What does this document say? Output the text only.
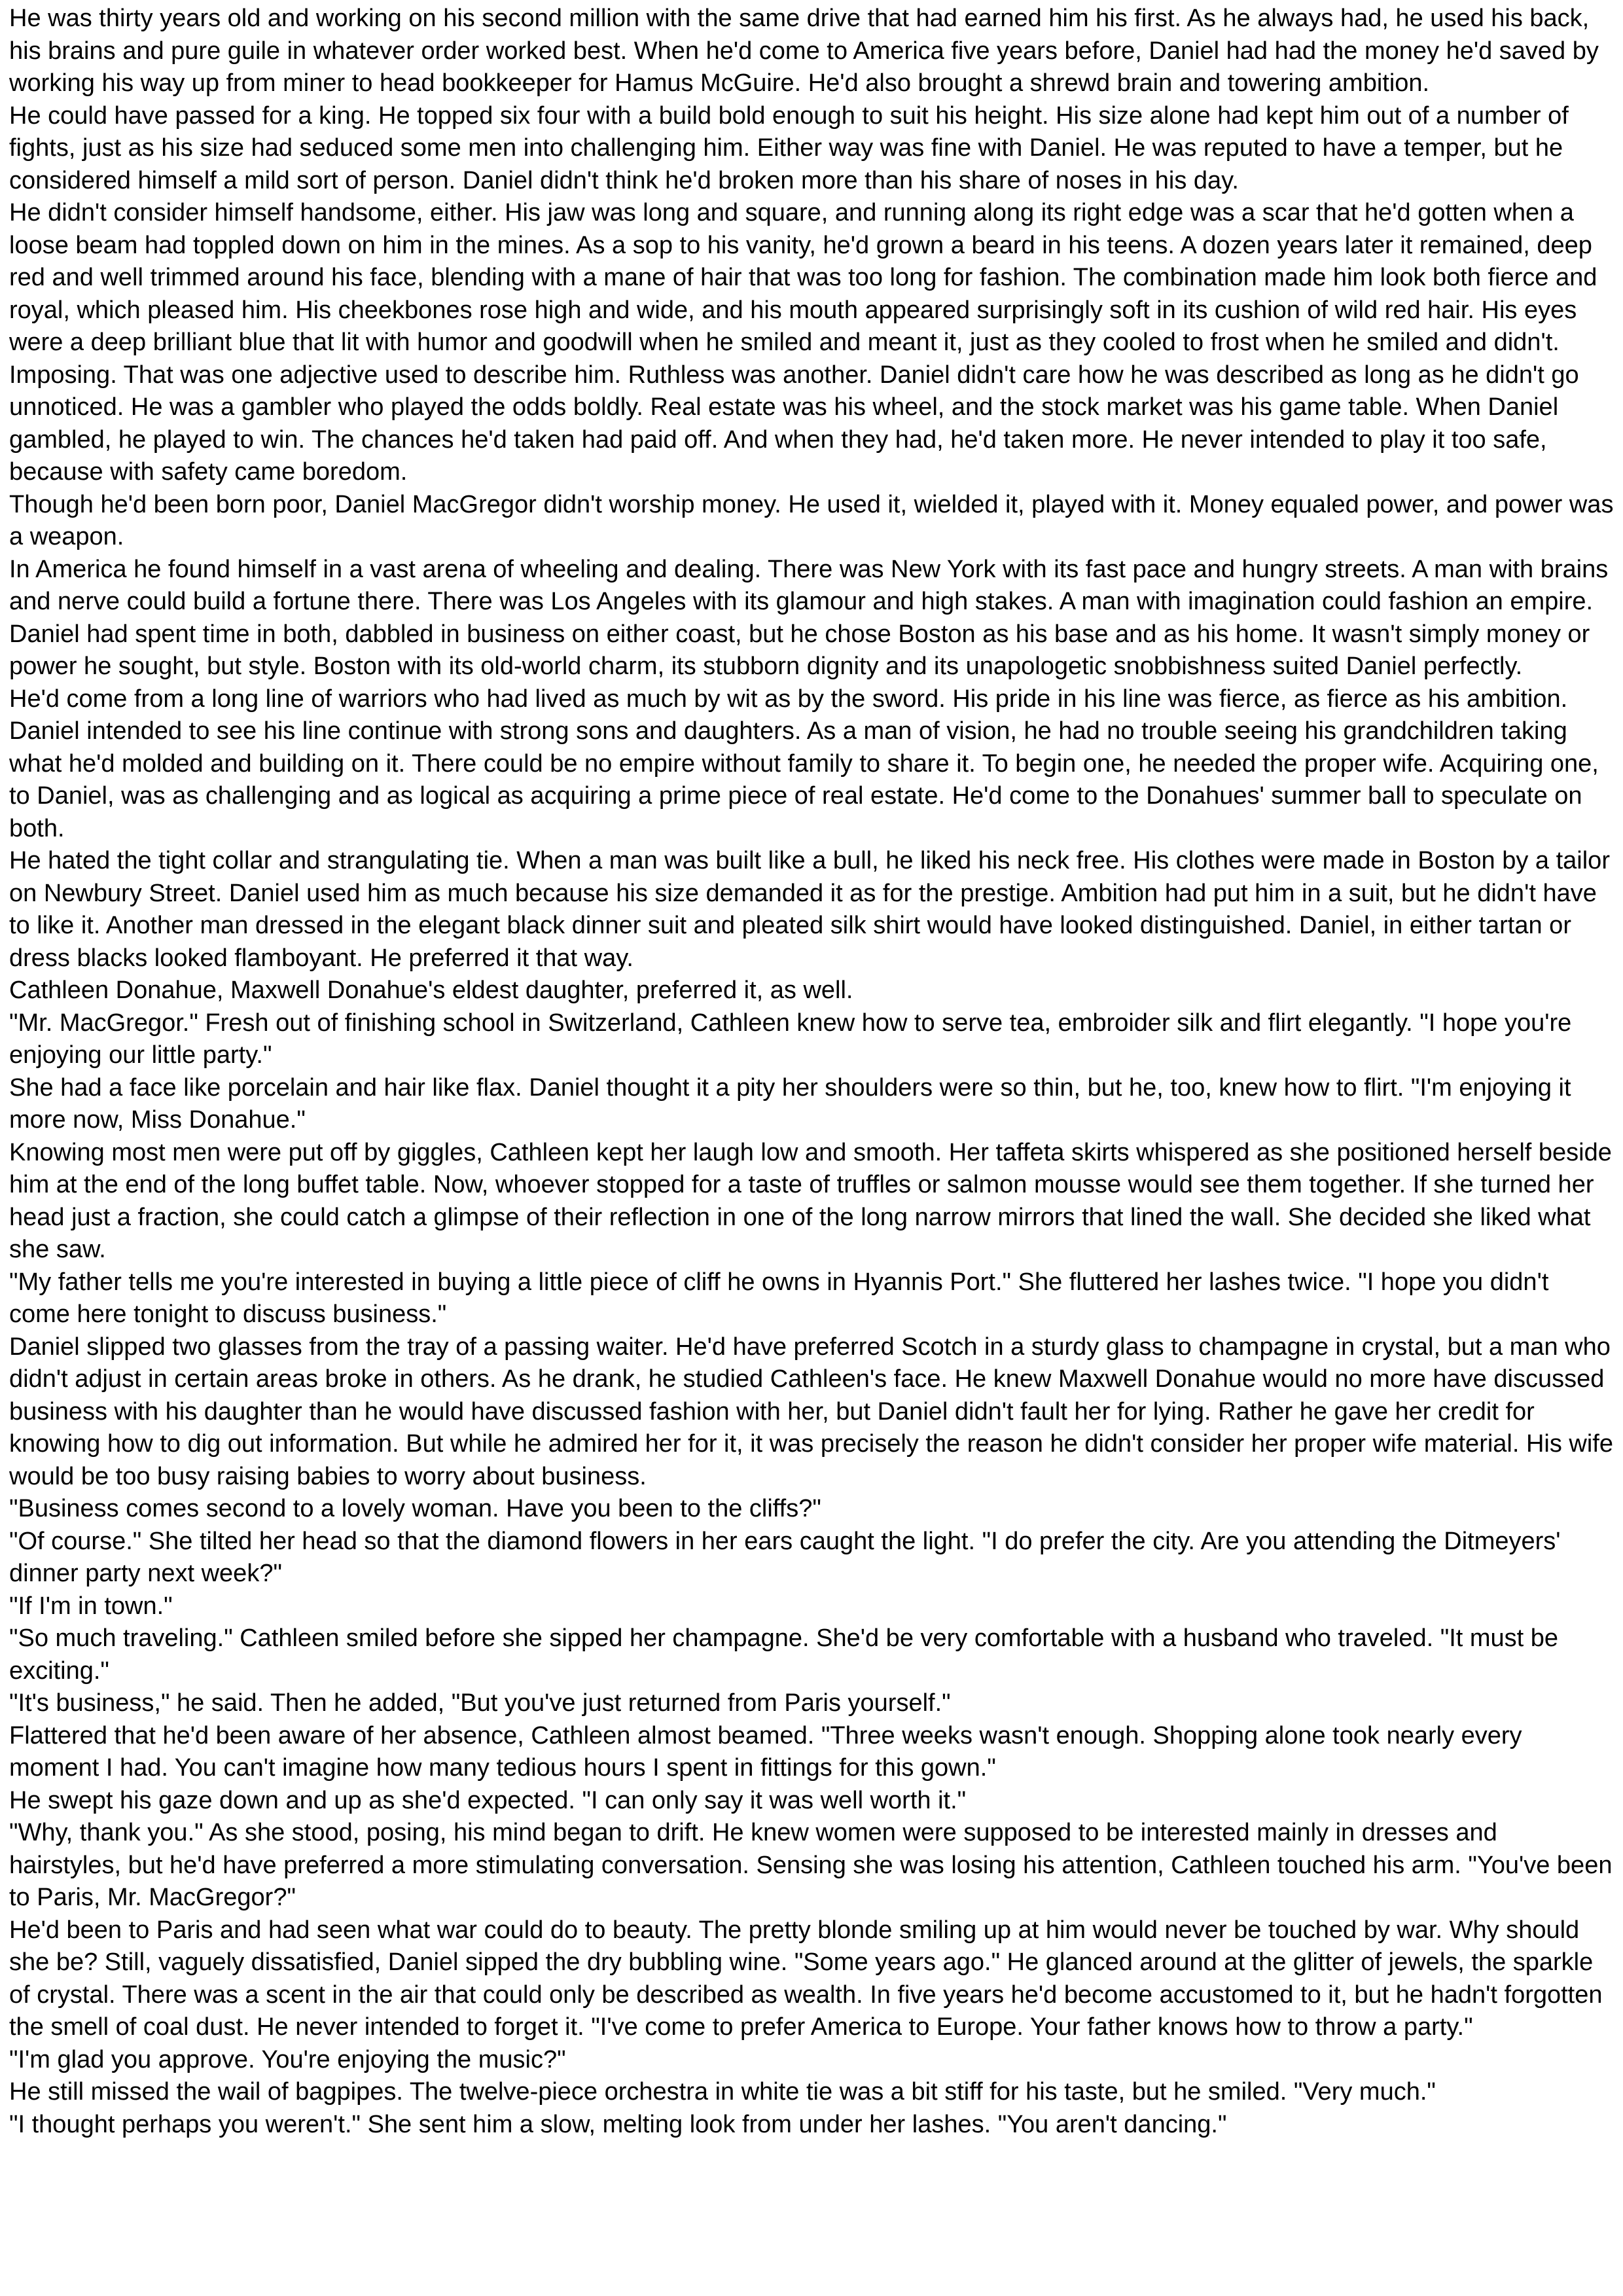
He was thirty years old and working on his second million with the same drive that had earned him his first. As he always had, he used his back, his brains and pure guile in whatever order worked best. When he'd come to America five years before, Daniel had had the money he'd saved by working his way up from miner to head bookkeeper for Hamus McGuire. He'd also brought a shrewd brain and towering ambition.

He could have passed for a king. He topped six four with a build bold enough to suit his height. His size alone had kept him out of a number of fights, just as his size had seduced some men into challenging him. Either way was fine with Daniel. He was reputed to have a temper, but he considered himself a mild sort of person. Daniel didn't think he'd broken more than his share of noses in his day.

He didn't consider himself handsome, either. His jaw was long and square, and running along its right edge was a scar that he'd gotten when a loose beam had toppled down on him in the mines. As a sop to his vanity, he'd grown a beard in his teens. A dozen years later it remained, deep red and well trimmed around his face, blending with a mane of hair that was too long for fashion. The combination made him look both fierce and royal, which pleased him. His cheekbones rose high and wide, and his mouth appeared surprisingly soft in its cushion of wild red hair. His eyes were a deep brilliant blue that lit with humor and goodwill when he smiled and meant it, just as they cooled to frost when he smiled and didn't.

Imposing. That was one adjective used to describe him. Ruthless was another. Daniel didn't care how he was described as long as he didn't go unnoticed. He was a gambler who played the odds boldly. Real estate was his wheel, and the stock market was his game table. When Daniel gambled, he played to win. The chances he'd taken had paid off. And when they had, he'd taken more. He never intended to play it too safe, because with safety came boredom.

Though he'd been born poor, Daniel MacGregor didn't worship money. He used it, wielded it, played with it. Money equaled power, and power was a weapon.

In America he found himself in a vast arena of wheeling and dealing. There was New York with its fast pace and hungry streets. A man with brains and nerve could build a fortune there. There was Los Angeles with its glamour and high stakes. A man with imagination could fashion an empire. Daniel had spent time in both, dabbled in business on either coast, but he chose Boston as his base and as his home. It wasn't simply money or power he sought, but style. Boston with its old-world charm, its stubborn dignity and its unapologetic snobbishness suited Daniel perfectly.

He'd come from a long line of warriors who had lived as much by wit as by the sword. His pride in his line was fierce, as fierce as his ambition. Daniel intended to see his line continue with strong sons and daughters. As a man of vision, he had no trouble seeing his grandchildren taking what he'd molded and building on it. There could be no empire without family to share it. To begin one, he needed the proper wife. Acquiring one, to Daniel, was as challenging and as logical as acquiring a prime piece of real estate. He'd come to the Donahues' summer ball to speculate on both.

He hated the tight collar and strangulating tie. When a man was built like a bull, he liked his neck free. His clothes were made in Boston by a tailor on Newbury Street. Daniel used him as much because his size demanded it as for the prestige. Ambition had put him in a suit, but he didn't have to like it. Another man dressed in the elegant black dinner suit and pleated silk shirt would have looked distinguished. Daniel, in either tartan or dress blacks looked flamboyant. He preferred it that way.

Cathleen Donahue, Maxwell Donahue's eldest daughter, preferred it, as well.

"Mr. MacGregor." Fresh out of finishing school in Switzerland, Cathleen knew how to serve tea, embroider silk and flirt elegantly. "I hope you're enjoying our little party."

She had a face like porcelain and hair like flax. Daniel thought it a pity her shoulders were so thin, but he, too, knew how to flirt. "I'm enjoying it more now, Miss Donahue."

Knowing most men were put off by giggles, Cathleen kept her laugh low and smooth. Her taffeta skirts whispered as she positioned herself beside him at the end of the long buffet table. Now, whoever stopped for a taste of truffles or salmon mousse would see them together. If she turned her head just a fraction, she could catch a glimpse of their reflection in one of the long narrow mirrors that lined the wall. She decided she liked what she saw.

"My father tells me you're interested in buying a little piece of cliff he owns in Hyannis Port." She fluttered her lashes twice. "I hope you didn't come here tonight to discuss business."

Daniel slipped two glasses from the tray of a passing waiter. He'd have preferred Scotch in a sturdy glass to champagne in crystal, but a man who didn't adjust in certain areas broke in others. As he drank, he studied Cathleen's face. He knew Maxwell Donahue would no more have discussed business with his daughter than he would have discussed fashion with her, but Daniel didn't fault her for lying. Rather he gave her credit for knowing how to dig out information. But while he admired her for it, it was precisely the reason he didn't consider her proper wife material. His wife would be too busy raising babies to worry about business.

"Business comes second to a lovely woman. Have you been to the cliffs?"

"Of course." She tilted her head so that the diamond flowers in her ears caught the light. "I do prefer the city. Are you attending the Ditmeyers' dinner party next week?"

"If I'm in town."

"So much traveling." Cathleen smiled before she sipped her champagne. She'd be very comfortable with a husband who traveled. "It must be exciting."

"It's business," he said. Then he added, "But you've just returned from Paris yourself."

Flattered that he'd been aware of her absence, Cathleen almost beamed. "Three weeks wasn't enough. Shopping alone took nearly every moment I had. You can't imagine how many tedious hours I spent in fittings for this gown."

He swept his gaze down and up as she'd expected. "I can only say it was well worth it."

"Why, thank you." As she stood, posing, his mind began to drift. He knew women were supposed to be interested mainly in dresses and hairstyles, but he'd have preferred a more stimulating conversation. Sensing she was losing his attention, Cathleen touched his arm. "You've been to Paris, Mr. MacGregor?"

He'd been to Paris and had seen what war could do to beauty. The pretty blonde smiling up at him would never be touched by war. Why should she be? Still, vaguely dissatisfied, Daniel sipped the dry bubbling wine. "Some years ago." He glanced around at the glitter of jewels, the sparkle of crystal. There was a scent in the air that could only be described as wealth. In five years he'd become accustomed to it, but he hadn't forgotten the smell of coal dust. He never intended to forget it. "I've come to prefer America to Europe. Your father knows how to throw a party."

"I'm glad you approve. You're enjoying the music?"

He still missed the wail of bagpipes. The twelve-piece orchestra in white tie was a bit stiff for his taste, but he smiled. "Very much."

"I thought perhaps you weren't." She sent him a slow, melting look from under her lashes. "You aren't dancing."
